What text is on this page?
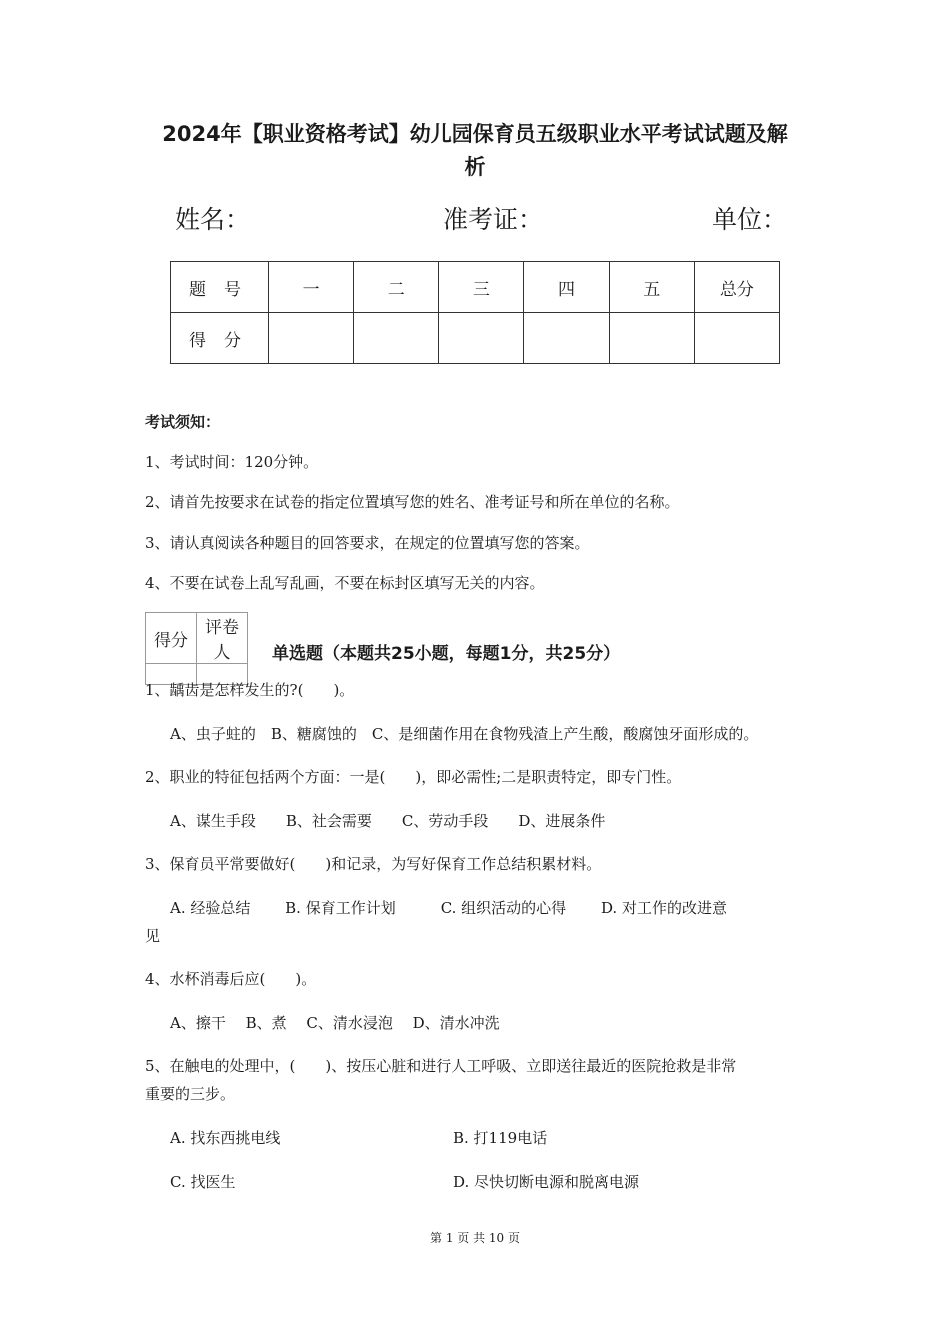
2024年【职业资格考试】幼儿园保育员五级职业水平考试试题及解
析
姓名：	准考证：	单位：
题号	一	二	三	四	五	总分
得分						
考试须知：
1、考试时间：120分钟。
2、请首先按要求在试卷的指定位置填写您的姓名、准考证号和所在单位的名称。
3、请认真阅读各种题目的回答要求，在规定的位置填写您的答案。
4、不要在试卷上乱写乱画，不要在标封区填写无关的内容。
得分	评卷人
	单选题（本题共25小题，每题1分，共25分）
1、龋齿是怎样发生的?(　　)。
A、虫子蛀的　B、糖腐蚀的　C、是细菌作用在食物残渣上产生酸，酸腐蚀牙面形成的。
2、职业的特征包括两个方面：一是(　　)，即必需性;二是职责特定，即专门性。
A、谋生手段　　B、社会需要　　C、劳动手段　　D、进展条件
3、保育员平常要做好(　　)和记录，为写好保育工作总结积累材料。
A. 经验总结　　 B. 保育工作计划　　　C. 组织活动的心得　　 D. 对工作的改进意
见
4、水杯消毒后应(　　)。
A、擦干　 B、煮　 C、清水浸泡　 D、清水冲洗
5、在触电的处理中，(　　)、按压心脏和进行人工呼吸、立即送往最近的医院抢救是非常
重要的三步。
A. 找东西挑电线	B. 打119电话
C. 找医生	D. 尽快切断电源和脱离电源
第 1 页 共 10 页
